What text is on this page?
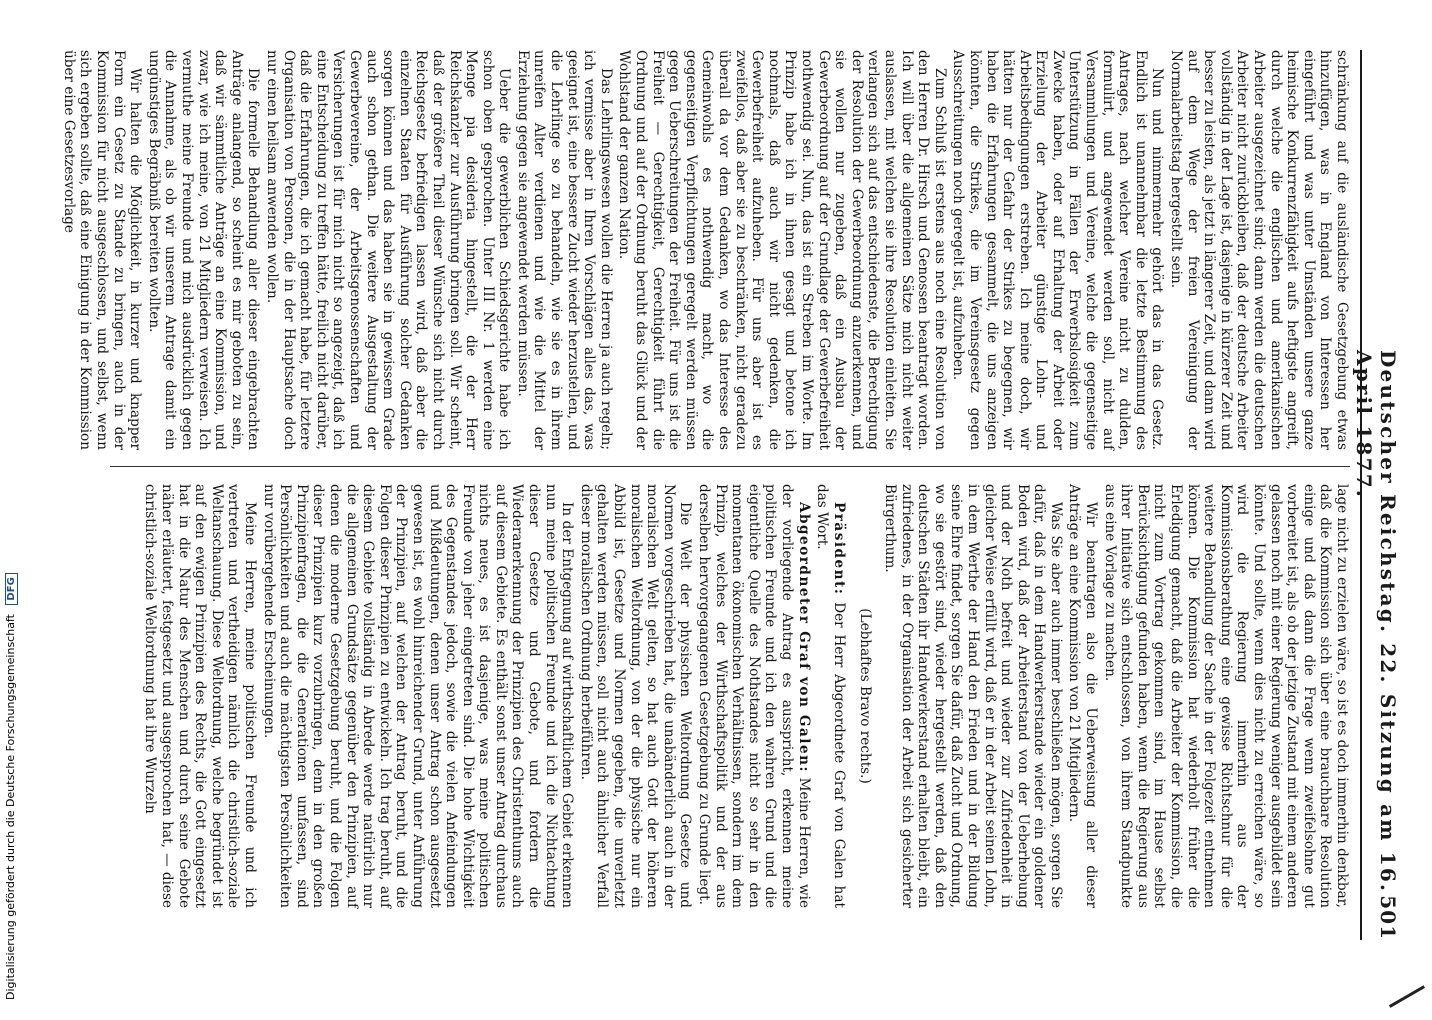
Deutscher Reichstag. 22. Sitzung am 16. April 1877.
501

schränkung auf die ausländische Gesetzgebung etwas hinzufügen, was in England von Interessen her eingeführt und was unter Umständen unsere ganze heimische Konkurrenzfähigkeit aufs heftigste angreift, durch welche die englischen und amerikanischen Arbeiter ausgezeichnet sind; dann werden die deutschen Arbeiter nicht zurückbleiben, daß der deutsche Arbeiter vollständig in der Lage ist, dasjenige in kürzerer Zeit und besser zu leisten, als jetzt in längerer Zeit, und dann wird auf dem Wege der freien Vereinigung der Normalarbeitstag hergestellt sein.

Nun und nimmermehr gehört das in das Gesetz. Endlich ist unannehmbar die letzte Bestimmung des Antrages, nach welcher Vereine nicht zu dulden, formulirt, und angewendet werden soll, nicht auf Versammlungen und Vereine, welche die gegenseitige Unterstützung in Fällen der Erwerbslosigkeit zum Zwecke haben, oder auf Erhaltung der Arbeit oder Erzielung der Arbeiter günstige Lohn- und Arbeitsbedingungen erstreben. Ich meine doch, wir hätten nur der Gefahr der Strikes zu begegnen, wir haben die Erfahrungen gesammelt, die uns anzeigen könnten, die Strikes, die im Vereinsgesetz gegen Ausschreitungen noch geregelt ist, aufzuheben.

Zum Schluß ist erstens aus noch eine Resolution von den Herren Dr. Hirsch und Genossen beantragt worden. Ich will über die allgemeinen Sätze mich nicht weiter auslassen, mit welchen sie ihre Resolution einleiten. Sie verlangen sich auf das entschiedenste, die Berechtigung der Resolution der Gewerbeordnung anzuerkennen, und sie wollen nur zugeben, daß ein Ausbau der Gewerbeordnung auf der Grundlage der Gewerbefreiheit nothwendig sei. Nun, das ist ein Streben im Worte. Im Prinzip habe ich in ihnen gesagt und betone ich nochmals, daß auch wir nicht gedenken, die Gewerbefreiheit aufzuheben. Für uns aber ist es zweifellos, daß aber sie zu beschränken, nicht geradezu überall da vor dem Gedanken, wo das Interesse des Gemeinwohls es nothwendig macht, wo die gegenseitigen Verpflichtungen geregelt werden müssen gegen Ueberschreitungen der Freiheit. Für uns ist die Freiheit — Gerechtigkeit, Gerechtigkeit führt die Ordnung und auf der Ordnung beruht das Glück und der Wohlstand der ganzen Nation.

Das Lehrlingswesen wollen die Herren ja auch regeln; ich vermisse aber in Ihren Vorschlägen alles das, was geeignet ist, eine bessere Zucht wieder herzustellen, und die Lehrlinge so zu behandeln, wie sie es in ihrem unreifen Alter verdienen und wie die Mittel der Erziehung gegen sie angewendet werden müssen.

Ueber die gewerblichen Schiedsgerichte habe ich schon oben gesprochen. Unter III Nr. 1 werden eine Menge pia desideria hingestellt, die der Herr Reichskanzler zur Ausführung bringen soll. Wir scheint, daß der größere Theil dieser Wünsche sich nicht durch Reichsgesetz befriedigen lassen wird, daß aber die einzelnen Staaten für Ausführung solcher Gedanken sorgen können und das haben sie in gewissem Grade auch schon gethan. Die weitere Ausgestaltung der Gewerbevereine, der Arbeitsgenossenschaften und Versicherungen ist für mich nicht so angezeigt, daß ich eine Entscheidung zu treffen hätte, freilich nicht darüber, daß die Erfahrungen, die ich gemacht habe, für letztere Organisation von Personen, die in der Hauptsache doch nur einen heilsam anwenden wollen.

Die formelle Behandlung aller dieser eingebrachten Anträge anlangend, so scheint es mir geboten zu sein, daß wir sämmtliche Anträge an eine Kommission, und zwar, wie ich meine, von 21 Mitgliedern verweisen. Ich vermuthe meine Freunde und mich ausdrücklich gegen die Annahme, als ob wir unserem Antrage damit ein ungünstiges Begräbniß bereiten wollten.

Wir halten die Möglichkeit, in kurzer und knapper Form ein Gesetz zu Stande zu bringen, auch in der Kommission für nicht ausgeschlossen, und selbst, wenn sich ergeben sollte, daß eine Einigung in der Kommission über eine Gesetzesvorlage

lage nicht zu erzielen wäre, so ist es doch immerhin denkbar, daß die Kommission sich über eine brauchbare Resolution einige und daß dann die Frage wenn zweifelsohne gut vorbereitet ist, als ob der jetzige Zustand mit einem anderen gelassen noch mit einer Regierung weniger ausgebildet sein könnte. Und sollte, wenn dies nicht zu erreichen wäre, so wird die Regierung immerhin aus der Kommissionsberathung eine gewisse Richtschnur für die weitere Behandlung der Sache in der Folgezeit entnehmen können. Die Kommission hat wiederholt früher die Erledigung gemacht, daß die Arbeiter der Kommission, die nicht zum Vortrag gekommen sind, im Hause selbst Berücksichtigung gefunden haben, wenn die Regierung aus ihrer Initiative sich entschlossen, von ihrem Standpunkte aus eine Vorlage zu machen.

Wir beantragen also die Ueberweisung aller dieser Anträge an eine Kommission von 21 Mitgliedern.

Was Sie aber auch immer beschließen mögen, sorgen Sie dafür, daß in dem Handwerkerstande wieder ein goldener Boden wird, daß der Arbeiterstand von der Ueberhebung und der Noth befreit und wieder zur Zufriedenheit in gleicher Weise erfüllt wird, daß er in der Arbeit seinen Lohn, in dem Werthe der Hand den Frieden und in der Bildung seine Ehre findet, sorgen Sie dafür, daß Zucht und Ordnung, wo sie gestört sind, wieder hergestellt werden, daß den deutschen Städten ihr Handwerkerstand erhalten bleibt, ein zufriedenes, in der Organisation der Arbeit sich gesicherter Bürgerthum.

(Lebhaftes Bravo rechts.)

Präsident: Der Herr Abgeordnete Graf von Galen hat das Wort.

Abgeordneter Graf von Galen: Meine Herren, wie der vorliegende Antrag es ausspricht, erkennen meine politischen Freunde und ich den wahren Grund und die eigentliche Quelle des Nothstandes nicht so sehr in den momentanen ökonomischen Verhältnissen, sondern im dem Prinzip, welches der Wirthschaftspolitik und der aus derselben hervorgegangenen Gesetzgebung zu Grunde liegt.

Die Welt der physischen Weltordnung Gesetze und Normen vorgeschrieben hat, die unabänderlich auch in der moralischen Welt gelten, so hat auch Gott der höheren moralischen Weltordnung, von der die physische nur ein Abbild ist, Gesetze und Normen gegeben, die unverletzt gehalten werden müssen, soll nicht auch ähnlicher Verfall dieser moralischen Ordnung herbeiführen.

In der Entgegnung auf wirthschaftlichem Gebiet erkennen nun meine politischen Freunde und ich die Nichtachtung dieser Gesetze und Gebote, und fordern die Wiederanerkennung der Prinzipien des Christenthums auch auf diesem Gebiete. Es enthält sonst unser Antrag durchaus nichts neues, es ist dasjenige, was meine politischen Freunde von jeher eingetreten sind. Die hohe Wichtigkeit des Gegenstandes jedoch, sowie die vielen Anfeindungen und Mißdeutungen, denen unser Antrag schon ausgesetzt gewesen ist, es wohl hinreichender Grund, unter Anführung der Prinzipien, auf welchen der Antrag beruht, und die Folgen dieser Prinzipien zu entwickeln. Ich trag beruht, auf diesem Gebiete vollständig in Abrede werde natürlich nur die allgemeinen Grundsätze gegenüber den Prinzipien, auf denen die moderne Gesetzgebung beruht, und die Folgen dieser Prinzipien kurz vorzubringen, denn in den großen Prinzipienfragen, die die Generationen umfassen, sind Persönlichkeiten und auch die mächtigsten Persönlichkeiten nur vorübergehende Erscheinungen.

Meine Herren, meine politischen Freunde und ich vertreten und vertheidigen nämlich die christlich-soziale Weltanschauung. Diese Weltordnung, welche begründet ist auf den ewigen Prinzipien des Rechts, die Gott eingesetzt hat in die Natur des Menschen und durch seine Gebote näher erläutert, festgesetzt und ausgesprochen hat, — diese christlich-soziale Weltordnung hat ihre Wurzeln

Digitalisierung gefördert durch die Deutsche Forschungsgemeinschaft DFG
